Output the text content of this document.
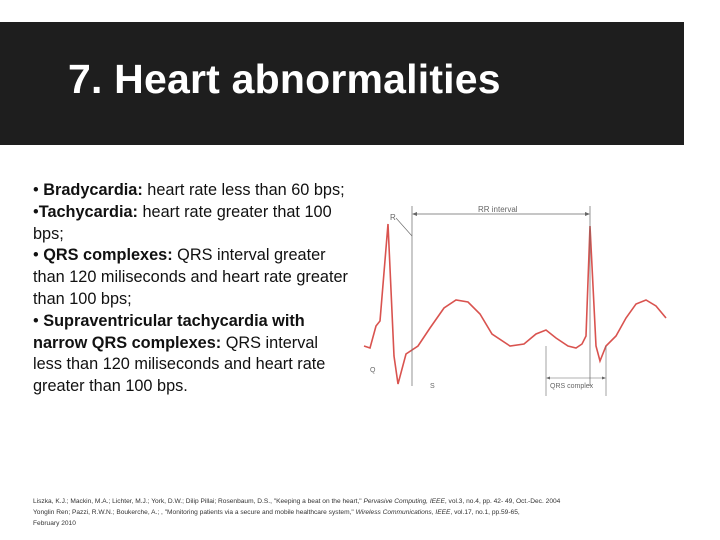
7. Heart abnormalities

• Bradycardia: heart rate less than 60 bps;

•Tachycardia: heart rate greater that 100 bps;

• QRS complexes: QRS interval greater than 120 miliseconds and heart rate greater than 100 bps;

• Supraventricular tachycardia with narrow QRS complexes: QRS interval less than 120 miliseconds and heart rate greater than 100 bps.

RR interval
R
Q
S	QRS complex

Liszka, K.J.; Mackin, M.A.; Lichter, M.J.; York, D.W.; Dilip Pillai; Rosenbaum, D.S., "Keeping a beat on the heart," Pervasive Computing, IEEE, vol.3, no.4, pp. 42- 49, Oct.-Dec. 2004

Yonglin Ren; Pazzi, R.W.N.; Boukerche, A.; , "Monitoring patients via a secure and mobile healthcare system," Wireless Communications, IEEE, vol.17, no.1, pp.59-65,

February 2010
